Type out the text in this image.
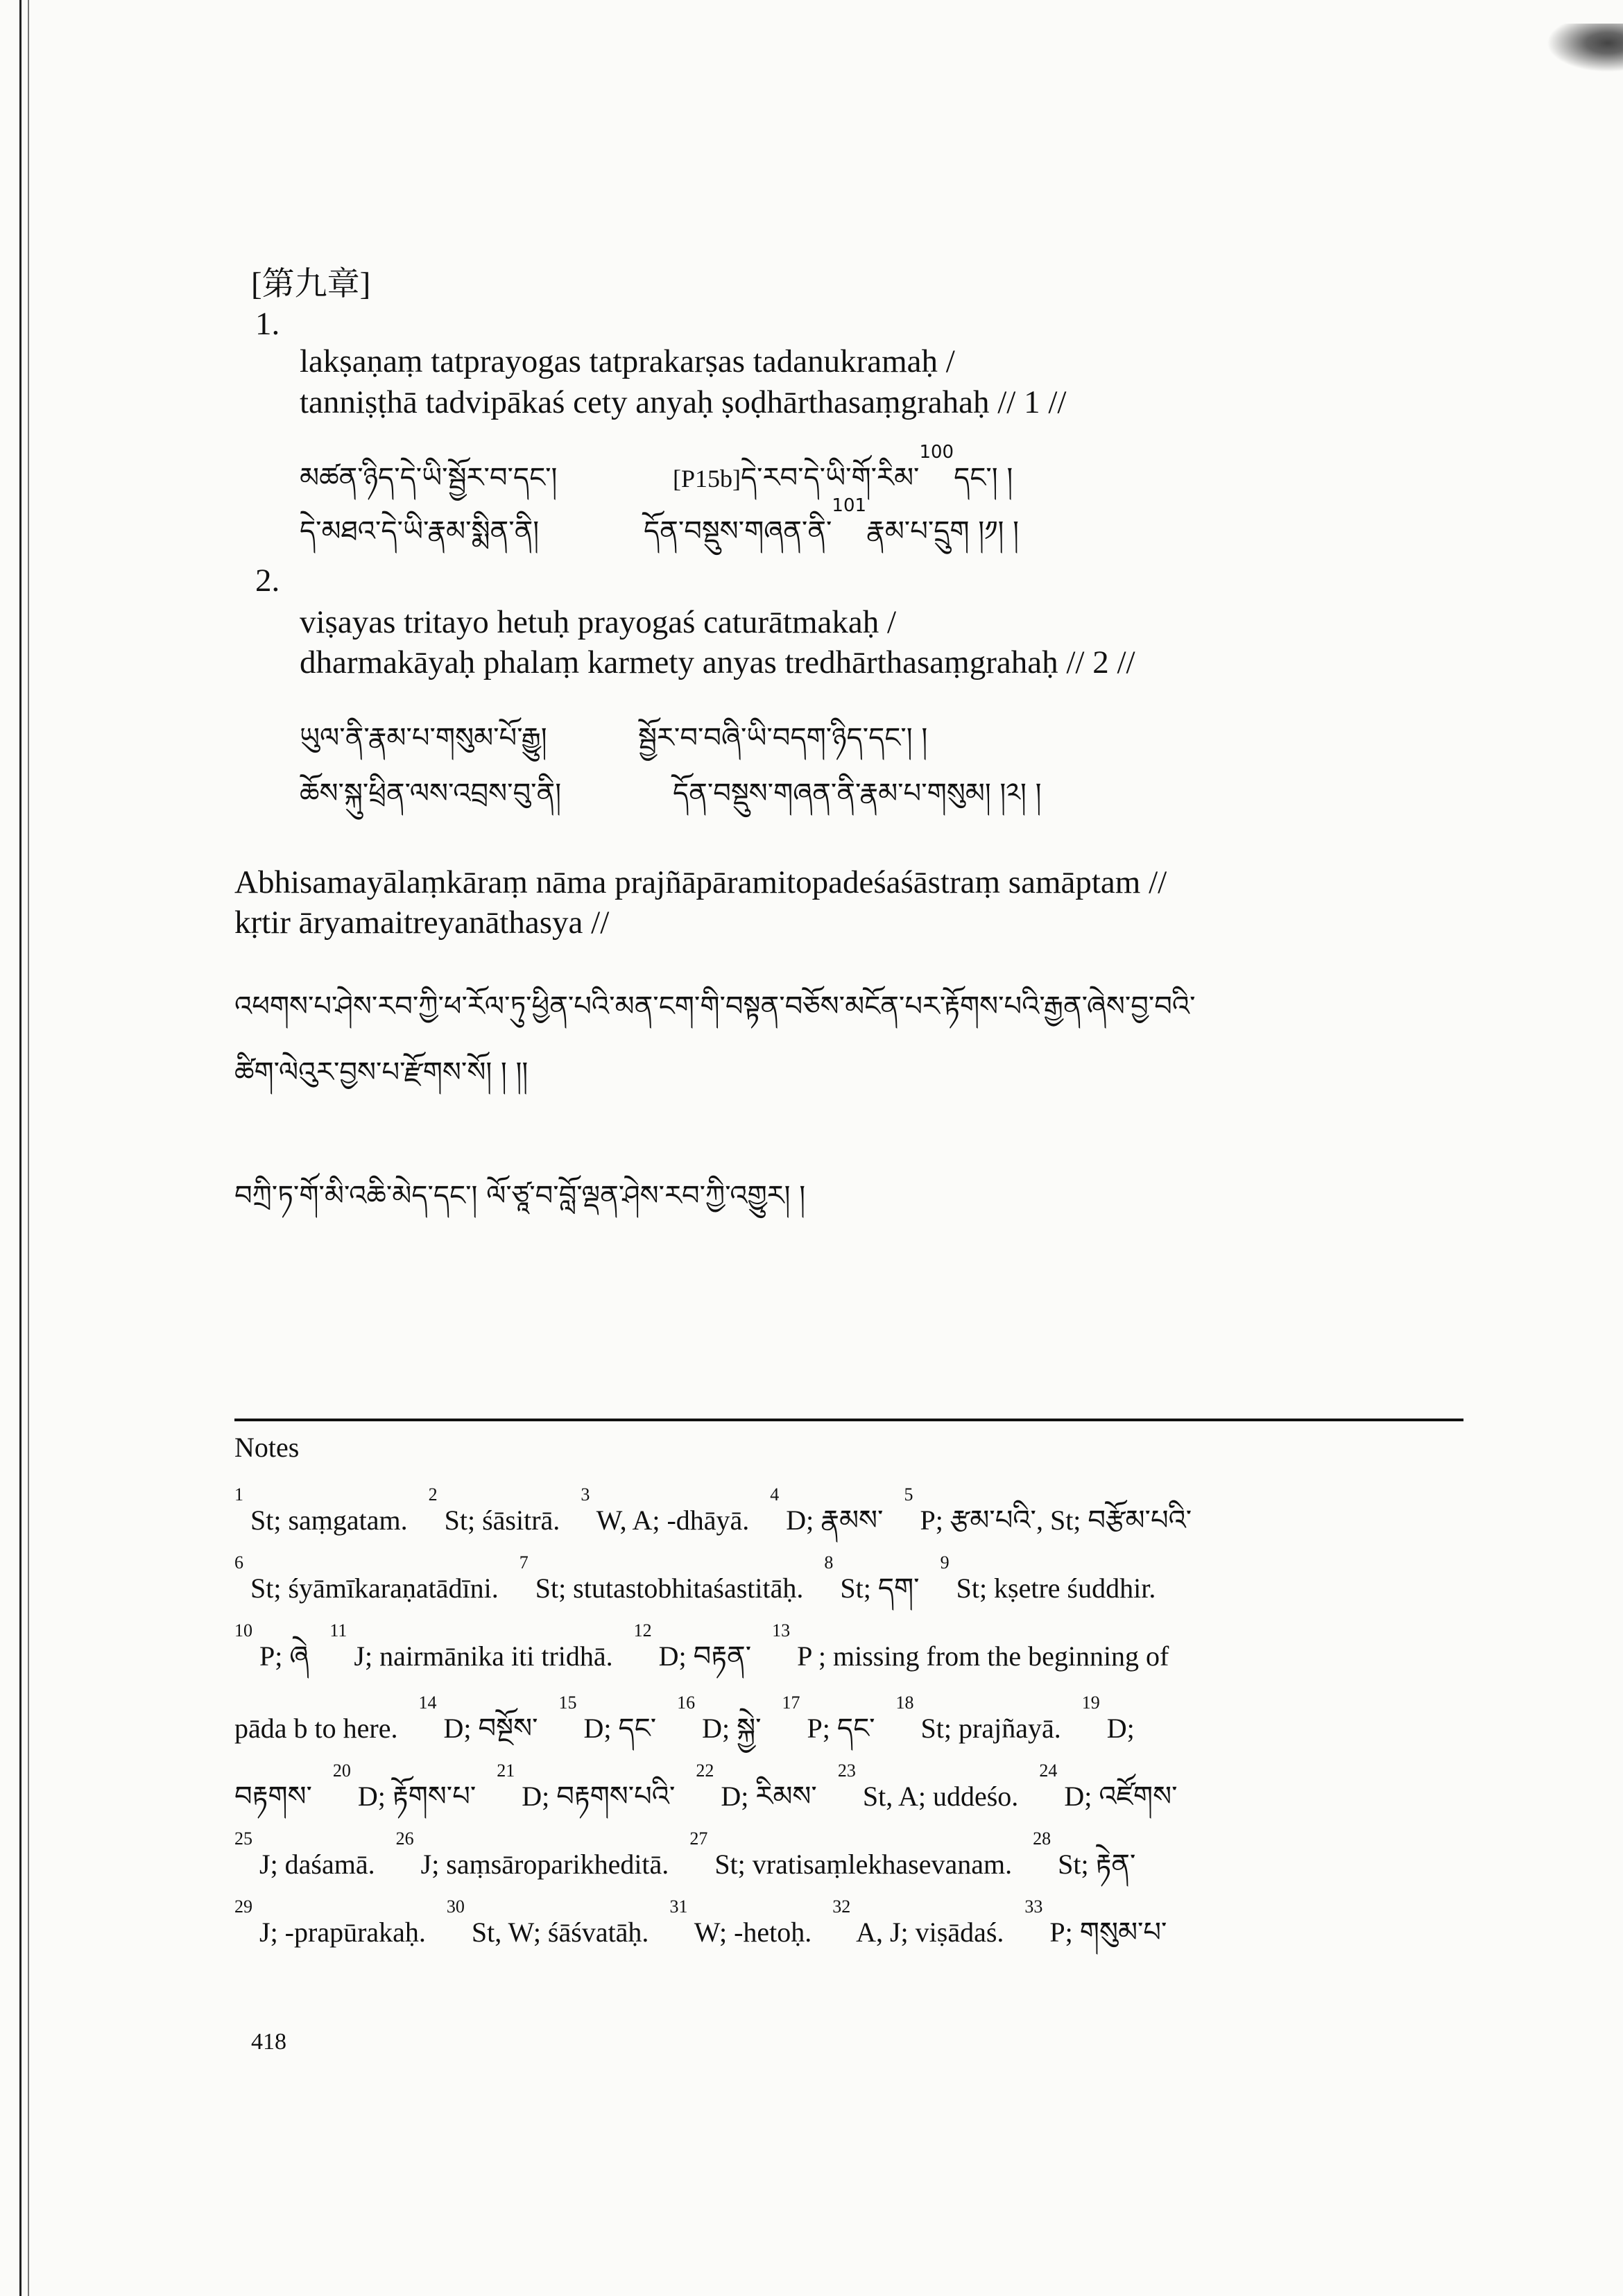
[第九章]
1.
lakṣaṇaṃ tatprayogas tatprakarṣas tadanukramaḥ /
tanniṣṭhā tadvipākaś cety anyaḥ ṣoḍhārthasaṃgrahaḥ // 1 //
མཚན་ཉིད་དེ་ཡི་སྦྱོར་བ་དང་།	[P15b]དེ་རབ་དེ་ཡི་གོ་རིམ་$^{100}$དང་། །
དེ་མཐའ་དེ་ཡི་རྣམ་སྨིན་ནི།	དོན་བསྡུས་གཞན་ནི་$^{101}$རྣམ་པ་དྲུག །༡། །
2.
viṣayas tritayo hetuḥ prayogaś caturātmakaḥ /
dharmakāyaḥ phalaṃ karmety anyas tredhārthasaṃgrahaḥ // 2 //
ཡུལ་ནི་རྣམ་པ་གསུམ་པོ་རྒྱུ།	སྦྱོར་བ་བཞི་ཡི་བདག་ཉིད་དང་། །
ཆོས་སྐུ་ཕྲིན་ལས་འབྲས་བུ་ནི།	དོན་བསྡུས་གཞན་ནི་རྣམ་པ་གསུམ། །༢། །
Abhisamayālaṃkāraṃ nāma prajñāpāramitopadeśaśāstraṃ samāptam //
kṛtir āryamaitreyanāthasya //
འཕགས་པ་ཤེས་རབ་ཀྱི་ཕ་རོལ་ཏུ་ཕྱིན་པའི་མན་ངག་གི་བསྟན་བཅོས་མངོན་པར་རྟོགས་པའི་རྒྱན་ཞེས་བྱ་བའི་
ཚིག་ལེའུར་བྱས་པ་རྫོགས་སོ། ། །།
བཀྲི་ཏ་གོ་མི་འཆི་མེད་དང་། ལོ་ཙཱ་བ་བློ་ལྡན་ཤེས་རབ་ཀྱི་འགྱུར། །
Notes
$^1$ St; saṃgatam.   $^2$ St; śāsitrā.   $^3$ W, A; -dhāyā.   $^4$ D; རྣམས་   $^5$ P; རྩམ་པའི་, St; བརྩོམ་པའི་
$^6$ St; śyāmīkaraṇatādīni.   $^7$ St; stutastobhitaśastitāḥ.   $^8$ St; དག་   $^9$ St; kṣetre śuddhir.
$^{10}$ P; ཞེ   $^{11}$ J; nairmānika iti tridhā.   $^{12}$ D; བརྟན་   $^{13}$ P ; missing from the beginning of
pāda b to here.   $^{14}$ D; བསྔོས་   $^{15}$ D; དང་   $^{16}$ D; སྐྱེ་   $^{17}$ P; དང་   $^{18}$ St; prajñayā.   $^{19}$ D;
བརྟགས་   $^{20}$ D; རྟོགས་པ་   $^{21}$ D; བརྟགས་པའི་   $^{22}$ D; རིམས་   $^{23}$ St, A; uddeśo.   $^{24}$ D; འཛོགས་
$^{25}$ J; daśamā.   $^{26}$ J; saṃsāroparikheditā.   $^{27}$ St; vratisaṃlekhasevanam.   $^{28}$ St; རྟེན་
$^{29}$ J; -prapūrakaḥ.   $^{30}$ St, W; śāśvatāḥ.   $^{31}$ W; -hetoḥ.   $^{32}$ A, J; viṣādaś.   $^{33}$ P; གསུམ་པ་
418
